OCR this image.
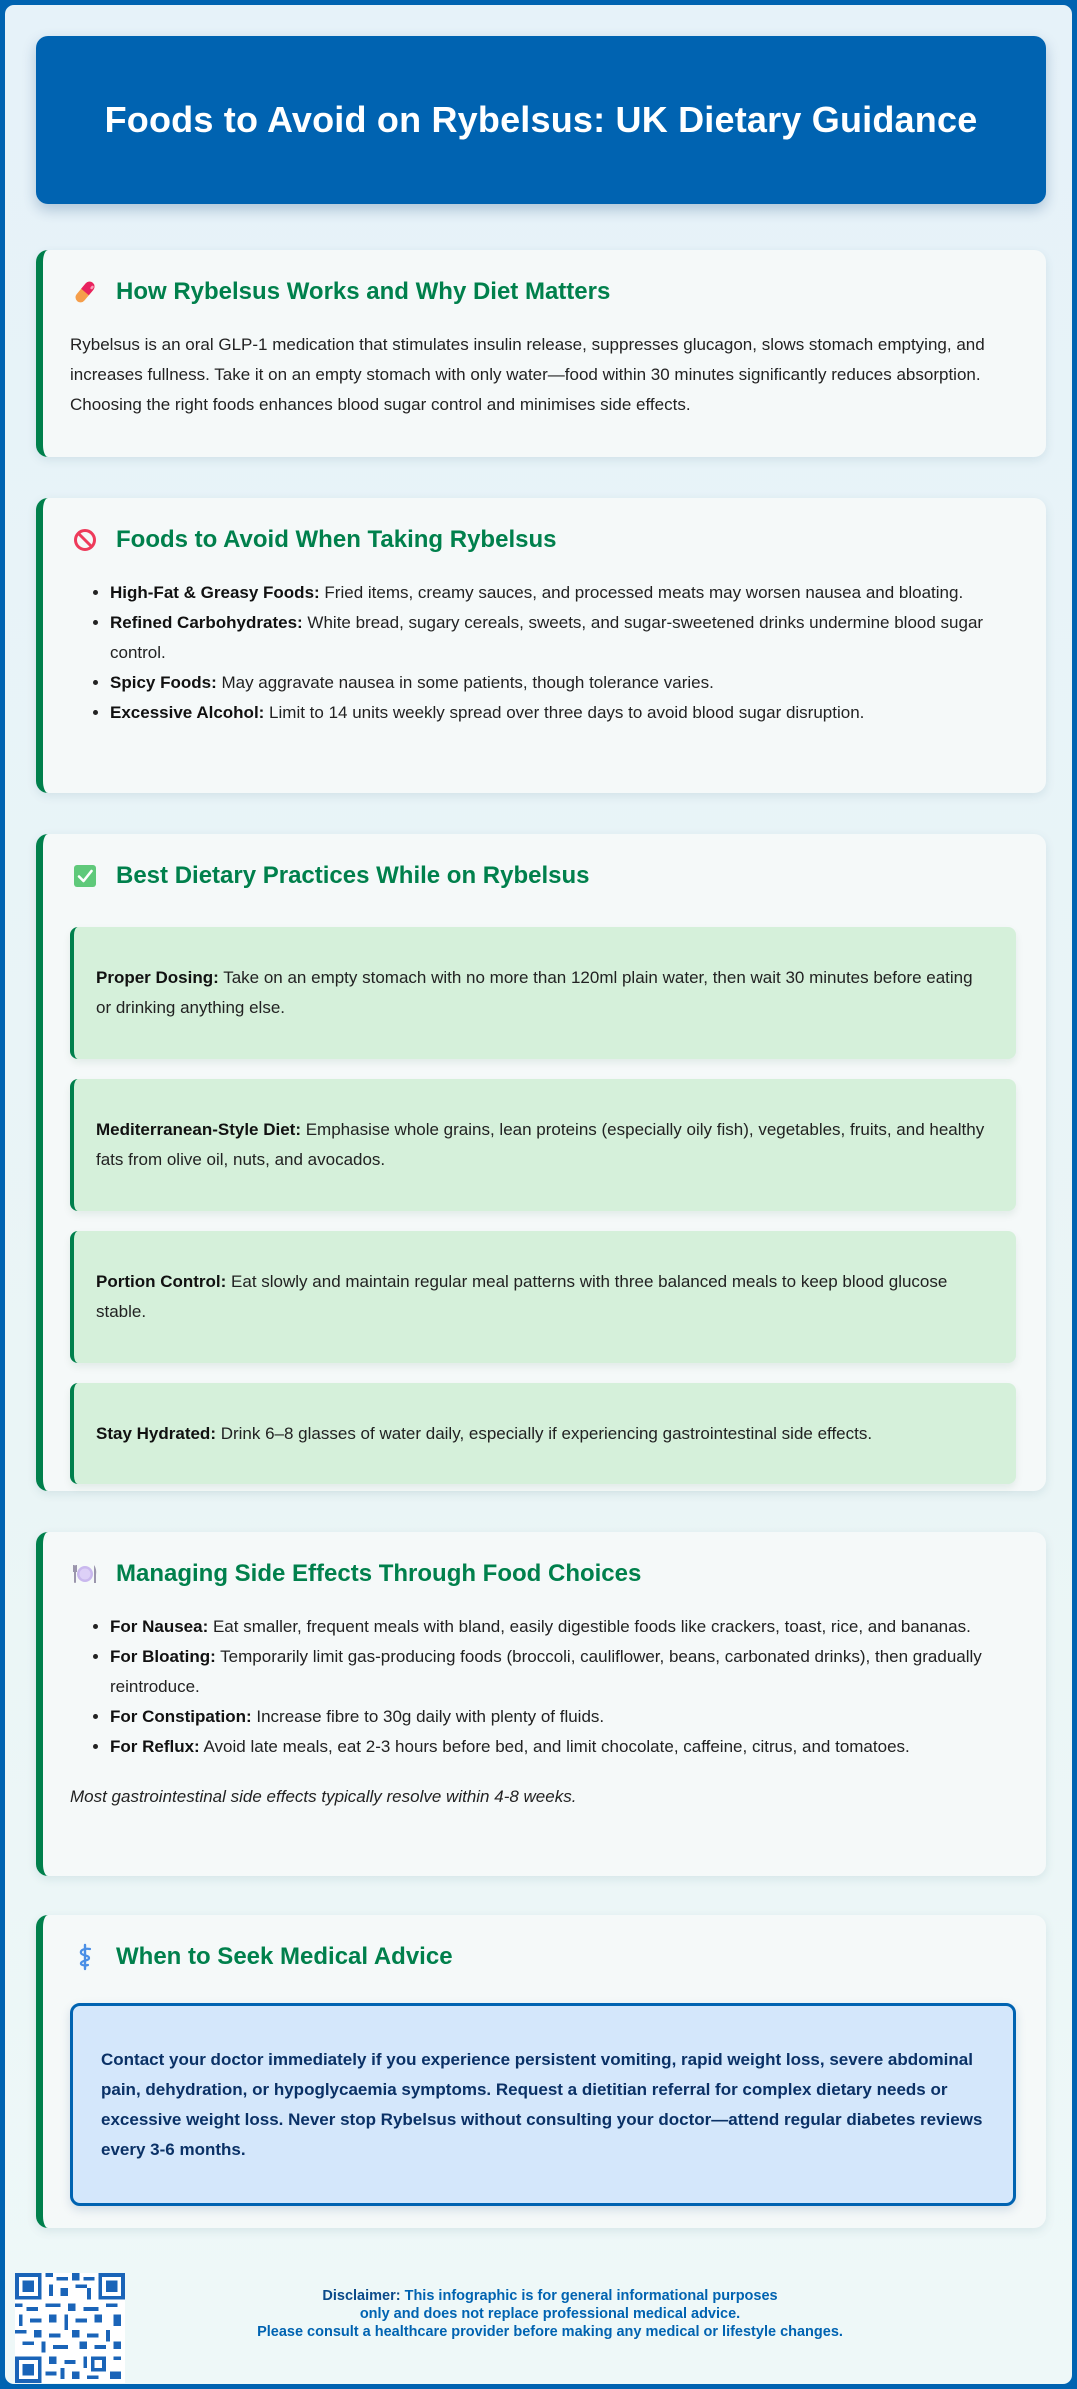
Foods to Avoid on Rybelsus: UK Dietary Guidance
How Rybelsus Works and Why Diet Matters

Rybelsus is an oral GLP-1 medication that stimulates insulin release, suppresses glucagon, slows stomach emptying, and increases fullness. Take it on an empty stomach with only water—food within 30 minutes significantly reduces absorption. Choosing the right foods enhances blood sugar control and minimises side effects.

Foods to Avoid When Taking Rybelsus
• High-Fat & Greasy Foods: Fried items, creamy sauces, and processed meats may worsen nausea and bloating.
• Refined Carbohydrates: White bread, sugary cereals, sweets, and sugar-sweetened drinks undermine blood sugar control.
• Spicy Foods: May aggravate nausea in some patients, though tolerance varies.
• Excessive Alcohol: Limit to 14 units weekly spread over three days to avoid blood sugar disruption.
Best Dietary Practices While on Rybelsus
Proper Dosing: Take on an empty stomach with no more than 120ml plain water, then wait 30 minutes before eating or drinking anything else.
Mediterranean-Style Diet: Emphasise whole grains, lean proteins (especially oily fish), vegetables, fruits, and healthy fats from olive oil, nuts, and avocados.
Portion Control: Eat slowly and maintain regular meal patterns with three balanced meals to keep blood glucose stable.
Stay Hydrated: Drink 6–8 glasses of water daily, especially if experiencing gastrointestinal side effects.
Managing Side Effects Through Food Choices
• For Nausea: Eat smaller, frequent meals with bland, easily digestible foods like crackers, toast, rice, and bananas.
• For Bloating: Temporarily limit gas-producing foods (broccoli, cauliflower, beans, carbonated drinks), then gradually reintroduce.
• For Constipation: Increase fibre to 30g daily with plenty of fluids.
• For Reflux: Avoid late meals, eat 2-3 hours before bed, and limit chocolate, caffeine, citrus, and tomatoes.

Most gastrointestinal side effects typically resolve within 4-8 weeks.

When to Seek Medical Advice
Contact your doctor immediately if you experience persistent vomiting, rapid weight loss, severe abdominal pain, dehydration, or hypoglycaemia symptoms. Request a dietitian referral for complex dietary needs or excessive weight loss. Never stop Rybelsus without consulting your doctor—attend regular diabetes reviews every 3-6 months.
Disclaimer: This infographic is for general informational purposes
only and does not replace professional medical advice.
Please consult a healthcare provider before making any medical or lifestyle changes.
